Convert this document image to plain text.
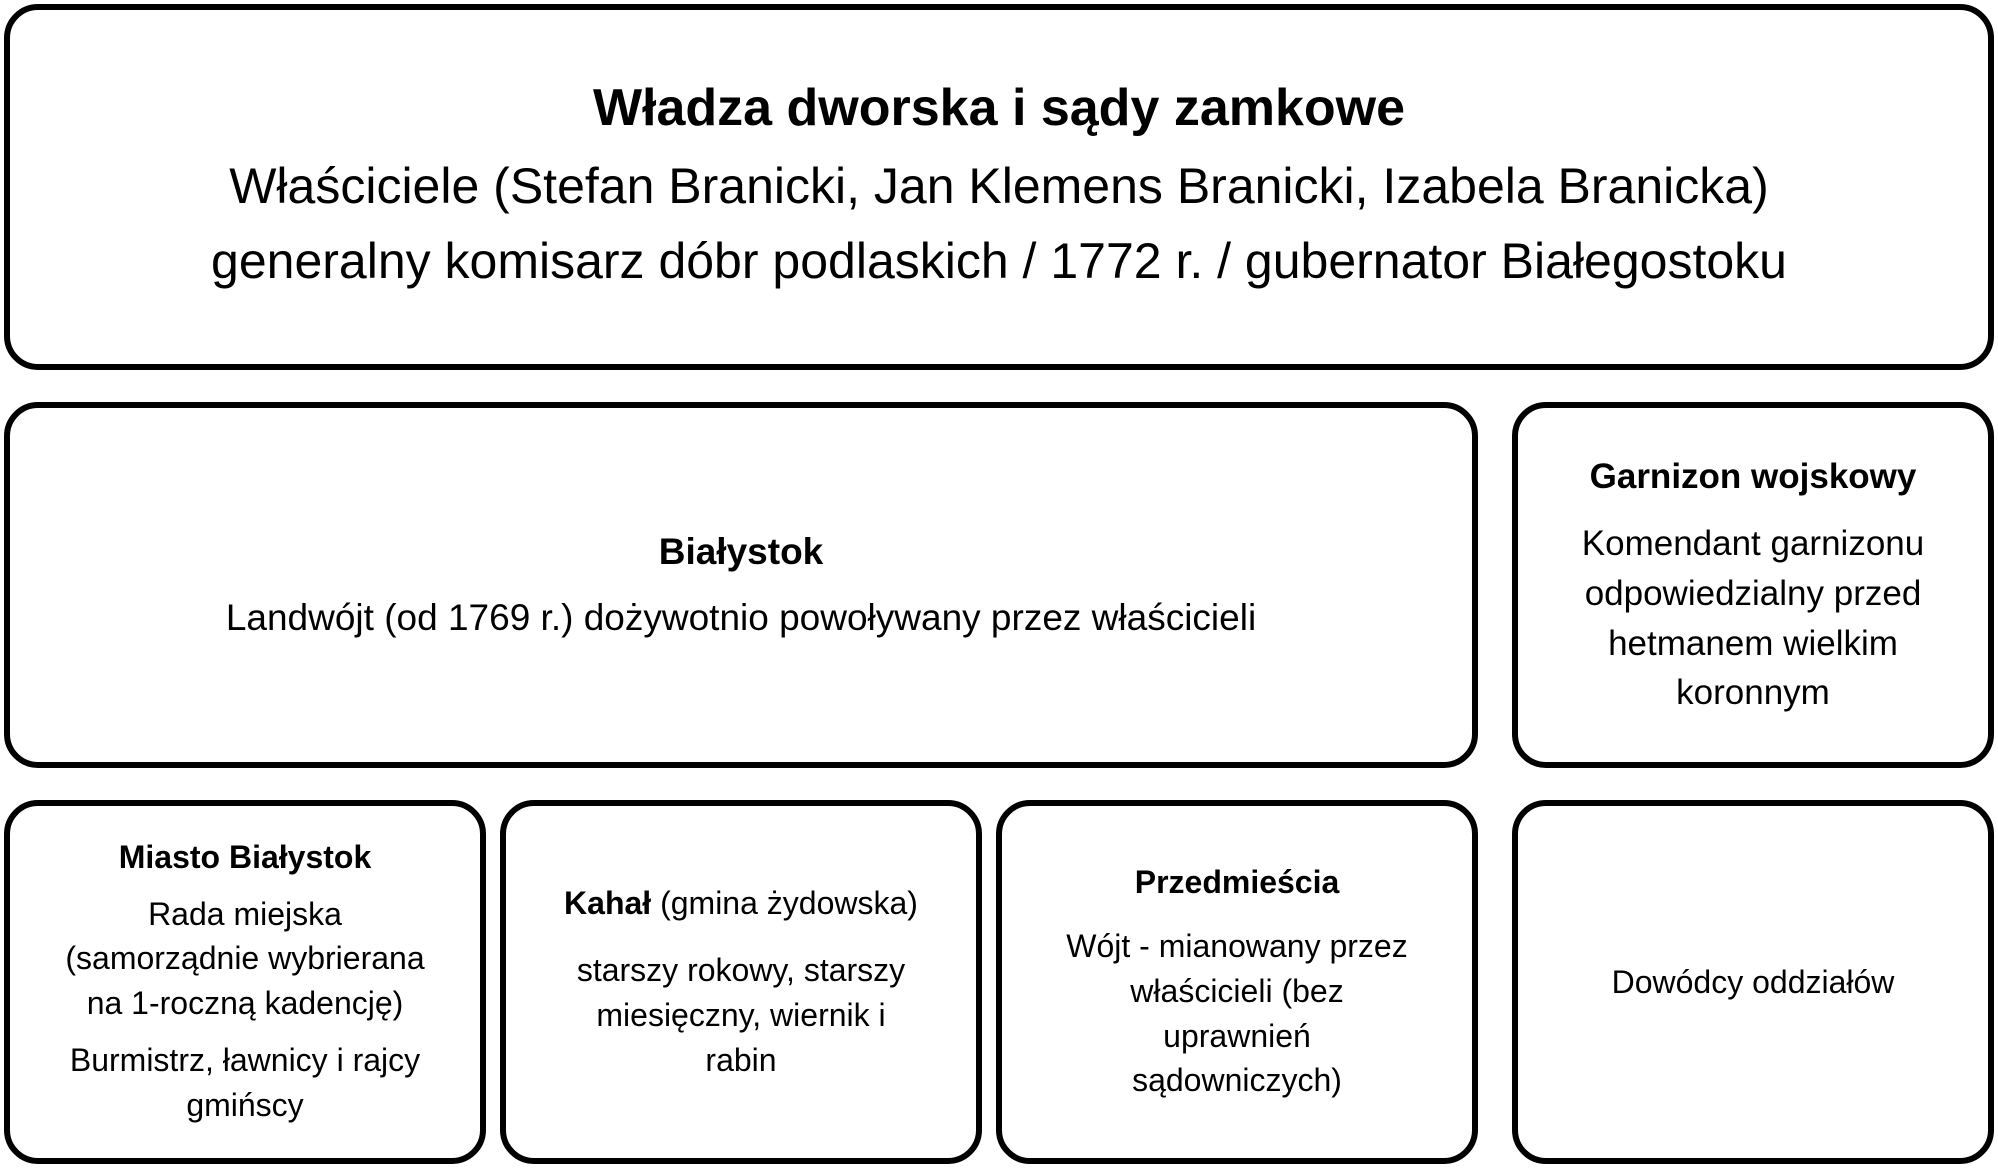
Władza dworska i sądy zamkowe
Właściciele (Stefan Branicki, Jan Klemens Branicki, Izabela Branicka)
generalny komisarz dóbr podlaskich / 1772 r. / gubernator Białegostoku
Białystok
Landwójt (od 1769 r.) dożywotnio powoływany przez właścicieli
Garnizon wojskowy
Komendant garnizonu
odpowiedzialny przed
hetmanem wielkim
koronnym
Miasto Białystok
Rada miejska
(samorządnie wybrierana
na 1-roczną kadencję)
Burmistrz, ławnicy i rajcy
gmińscy
Kahał (gmina żydowska)
starszy rokowy, starszy
miesięczny, wiernik i
rabin
Przedmieścia
Wójt - mianowany przez
właścicieli (bez
uprawnień
sądowniczych)
Dowódcy oddziałów
